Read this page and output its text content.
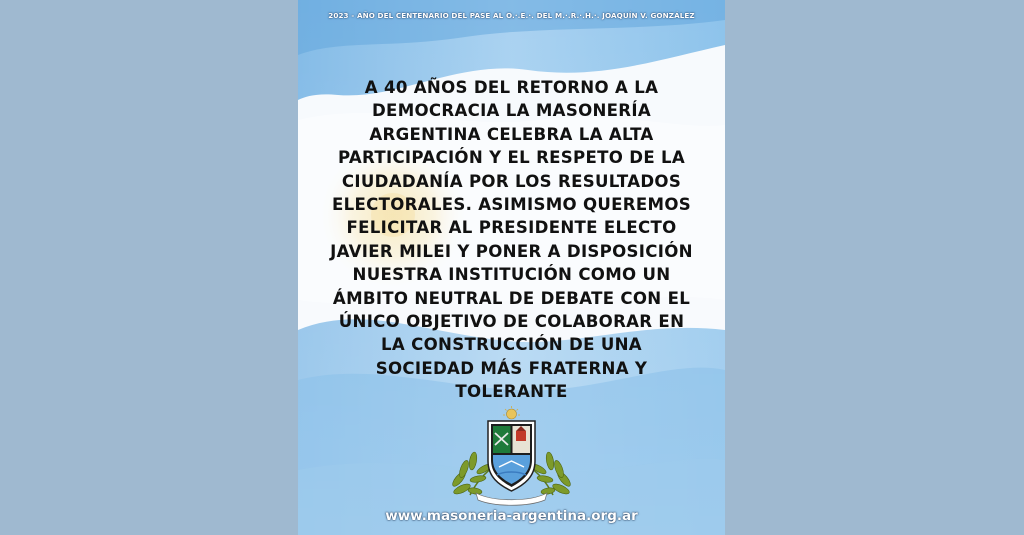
2023 - AÑO DEL CENTENARIO DEL PASE AL O.·.E.·. DEL M.·.R.·.H.·. JOAQUÍN V. GONZÁLEZ

A 40 AÑOS DEL RETORNO A LA
DEMOCRACIA LA MASONERÍA
ARGENTINA CELEBRA LA ALTA
PARTICIPACIÓN Y EL RESPETO DE LA
CIUDADANÍA POR LOS RESULTADOS
ELECTORALES. ASIMISMO QUEREMOS
FELICITAR AL PRESIDENTE ELECTO
JAVIER MILEI Y PONER A DISPOSICIÓN
NUESTRA INSTITUCIÓN COMO UN
ÁMBITO NEUTRAL DE DEBATE CON EL
ÚNICO OBJETIVO DE COLABORAR EN
LA CONSTRUCCIÓN DE UNA
SOCIEDAD MÁS FRATERNA Y
TOLERANTE

www.masoneria-argentina.org.ar
